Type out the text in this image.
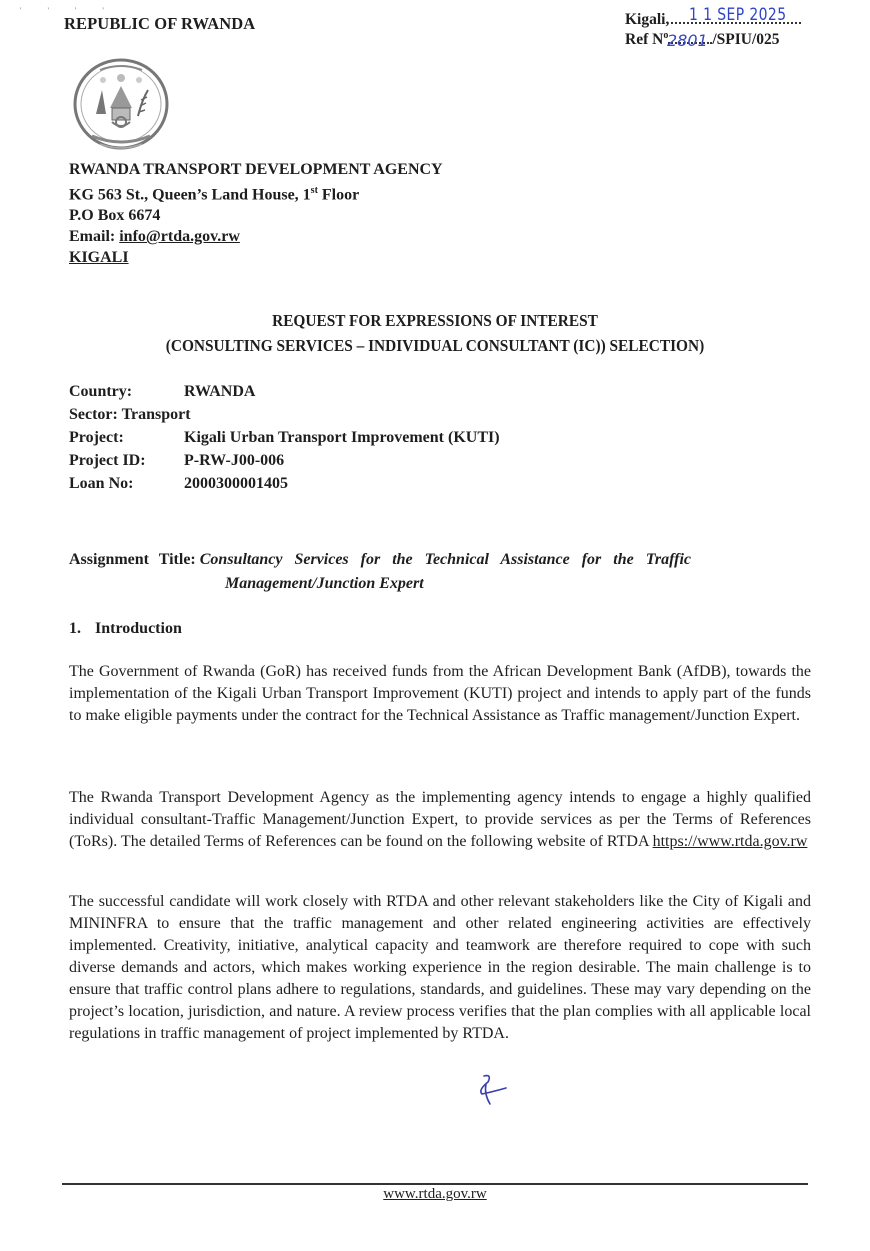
' ' ' '
REPUBLIC OF RWANDA	Kigali, 1 1 SEP 2025
Ref $N^o$	/SPIU/025
2801
RWANDA TRANSPORT DEVELOPMENT AGENCY
KG 563 St., Queen’s Land House, 1st Floor
P.O Box 6674
Email: info@rtda.gov.rw
KIGALI
REQUEST FOR EXPRESSIONS OF INTEREST
(CONSULTING SERVICES – INDIVIDUAL CONSULTANT (IC)) SELECTION)
Country:	RWANDA
Sector: Transport
Project:	Kigali Urban Transport Improvement (KUTI)
Project ID:	P-RW-J00-006
Loan No:	2000300001405
Assignment Title: Consultancy Services for the Technical Assistance for the Traffic
Management/Junction Expert
1. Introduction
The Government of Rwanda (GoR) has received funds from the African Development Bank (AfDB), towards the implementation of the Kigali Urban Transport Improvement (KUTI) project and intends to apply part of the funds to make eligible payments under the contract for the Technical Assistance as Traffic management/Junction Expert.
The Rwanda Transport Development Agency as the implementing agency intends to engage a highly qualified individual consultant-Traffic Management/Junction Expert, to provide services as per the Terms of References (ToRs). The detailed Terms of References can be found on the following website of RTDA https://www.rtda.gov.rw
The successful candidate will work closely with RTDA and other relevant stakeholders like the City of Kigali and MININFRA to ensure that the traffic management and other related engineering activities are effectively implemented. Creativity, initiative, analytical capacity and teamwork are therefore required to cope with such diverse demands and actors, which makes working experience in the region desirable. The main challenge is to ensure that traffic control plans adhere to regulations, standards, and guidelines. These may vary depending on the project’s location, jurisdiction, and nature. A review process verifies that the plan complies with all applicable local regulations in traffic management of project implemented by RTDA.
www.rtda.gov.rw
